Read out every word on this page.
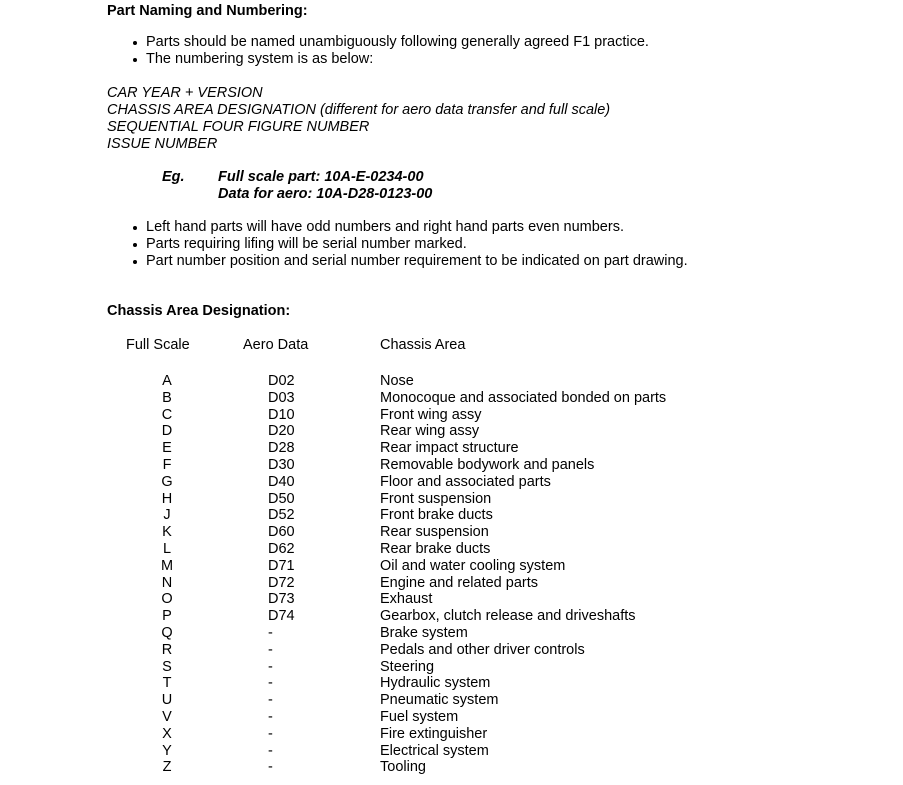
Part Naming and Numbering:
Parts should be named unambiguously following generally agreed F1 practice.
The numbering system is as below:
CAR YEAR + VERSION
CHASSIS AREA DESIGNATION (different for aero data transfer and full scale)
SEQUENTIAL FOUR FIGURE NUMBER
ISSUE NUMBER
Eg.	Full scale part: 10A-E-0234-00
Data for aero: 10A-D28-0123-00
Left hand parts will have odd numbers and right hand parts even numbers.
Parts requiring lifing will be serial number marked.
Part number position and serial number requirement to be indicated on part drawing.
Chassis Area Designation:
Full Scale	Aero Data	Chassis Area
A	D02	Nose
B	D03	Monocoque and associated bonded on parts
C	D10	Front wing assy
D	D20	Rear wing assy
E	D28	Rear impact structure
F	D30	Removable bodywork and panels
G	D40	Floor and associated parts
H	D50	Front suspension
J	D52	Front brake ducts
K	D60	Rear suspension
L	D62	Rear brake ducts
M	D71	Oil and water cooling system
N	D72	Engine and related parts
O	D73	Exhaust
P	D74	Gearbox, clutch release and driveshafts
Q	-	Brake system
R	-	Pedals and other driver controls
S	-	Steering
T	-	Hydraulic system
U	-	Pneumatic system
V	-	Fuel system
X	-	Fire extinguisher
Y	-	Electrical system
Z	-	Tooling
